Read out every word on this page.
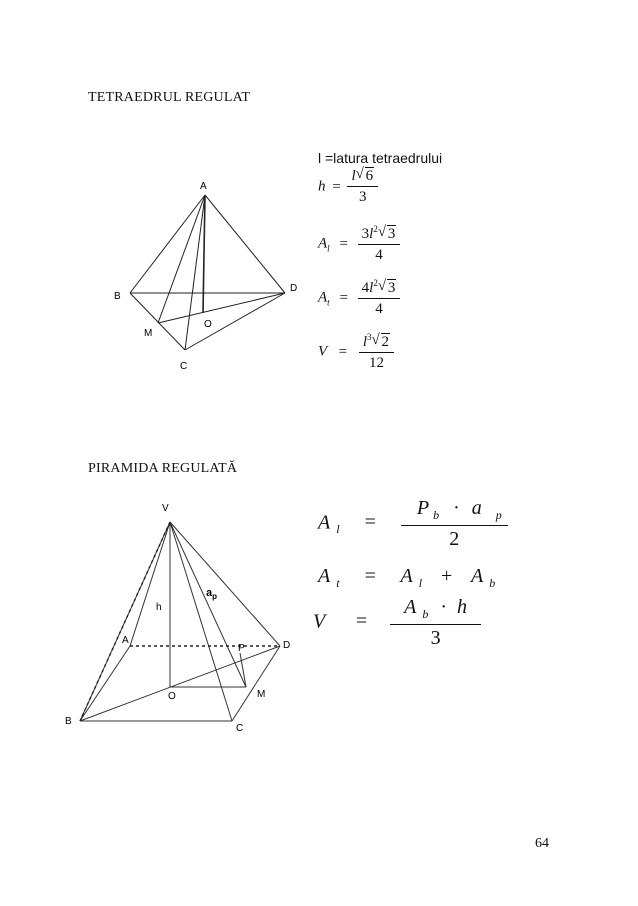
TETRAEDRUL REGULAT
A
B
C
D
M
O
l =latura tetraedrului
$h = \frac{l √ 6}{3}$
$A_l = \frac{3l^2 √ 3}{4}$
$A_t = \frac{4l^2 √ 3}{4}$
$V = \frac{l^3 √ 2}{12}$
PIRAMIDA REGULATĂ
V
A
B
C
D
M
O
P
h
$a_p$
A $_l = \frac{P _b \cdot a _p}{2}$
A $_t$ = A $_l$ + A $_b$
$V = \frac{A _b \cdot h}{3}$
64
